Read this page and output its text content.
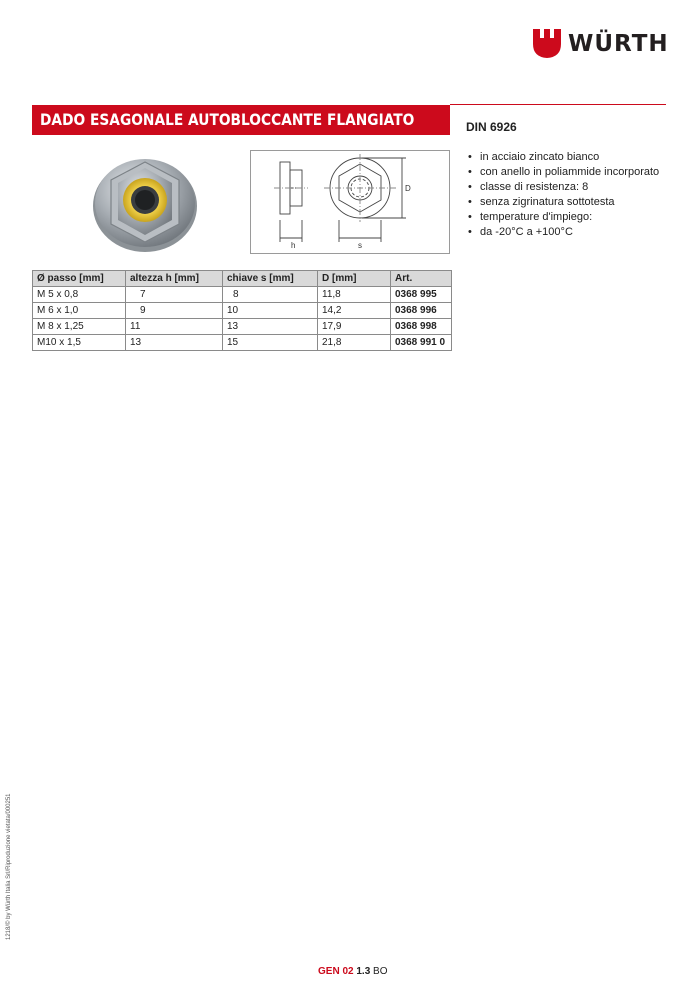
WÜRTH
DADO ESAGONALE AUTOBLOCCANTE FLANGIATO	DIN 6926
h	s
D
• in acciaio zincato bianco
• con anello in poliammide incorporato
• classe di resistenza: 8
• senza zigrinatura sottotesta
• temperature d'impiego:
• da -20°C a +100°C
Ø passo [mm]	altezza h [mm]	chiave s [mm]	D [mm]	Art.
M 5 x 0,8	7	8	11,8	0368 995
M 6 x 1,0	9	10	14,2	0368 996
M 8 x 1,25	11	13	17,9	0368 998
M10 x 1,5	13	15	21,8	0368 991 0
1218/© by Würth Italia Srl/Riproduzione vietata/000251
GEN 02 1.3 BO
